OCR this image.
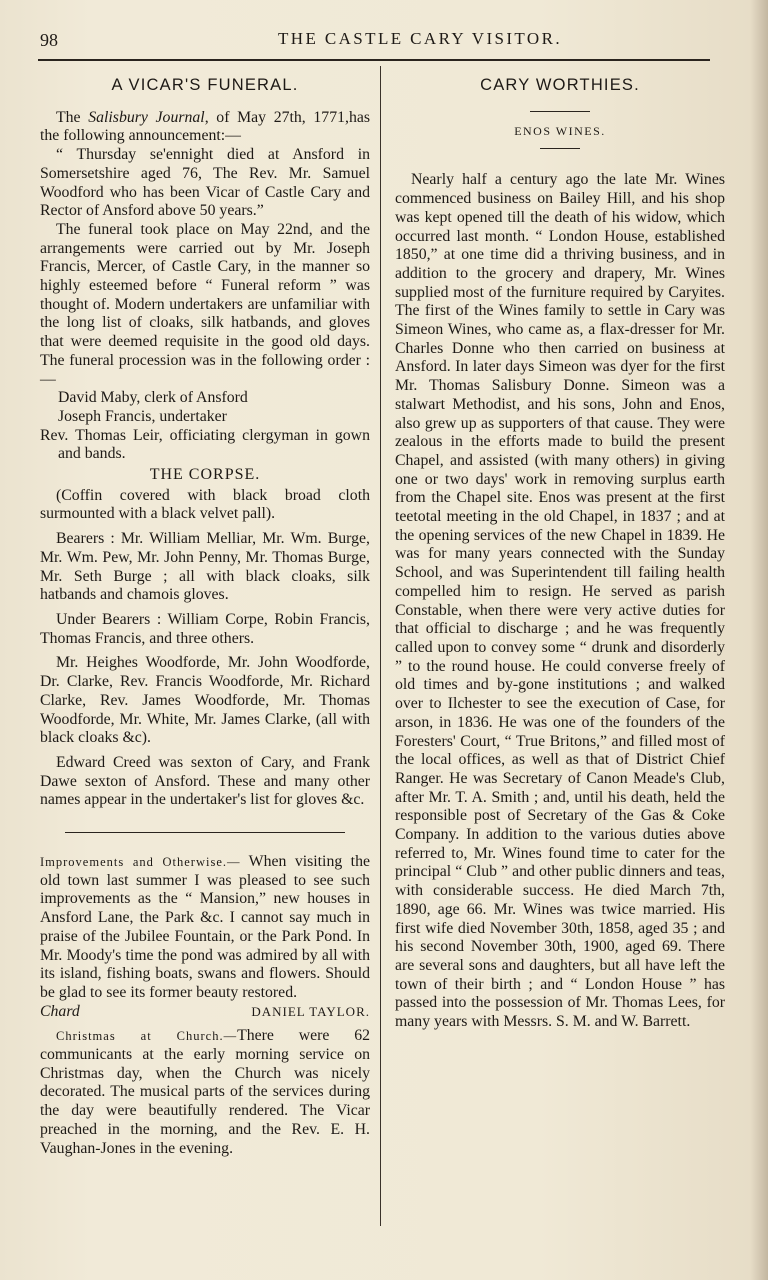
98	THE CASTLE CARY VISITOR.
A VICAR'S FUNERAL.

The Salisbury Journal, of May 27th, 1771,has the following announcement:—

“ Thursday se'ennight died at Ansford in Somersetshire aged 76, The Rev. Mr. Samuel Woodford who has been Vicar of Castle Cary and Rector of Ansford above 50 years.”

The funeral took place on May 22nd, and the arrangements were carried out by Mr. Joseph Francis, Mercer, of Castle Cary, in the manner so highly esteemed before “ Funeral reform ” was thought of. Modern undertakers are unfamiliar with the long list of cloaks, silk hatbands, and gloves that were deemed requisite in the good old days. The funeral procession was in the following order :—

David Maby, clerk of Ansford

Joseph Francis, undertaker

Rev. Thomas Leir, officiating clergyman in gown and bands.

THE CORPSE.

(Coffin covered with black broad cloth surmounted with a black velvet pall).

Bearers : Mr. William Melliar, Mr. Wm. Burge, Mr. Wm. Pew, Mr. John Penny, Mr. Thomas Burge, Mr. Seth Burge ; all with black cloaks, silk hatbands and chamois gloves.

Under Bearers : William Corpe, Robin Francis, Thomas Francis, and three others.

Mr. Heighes Woodforde, Mr. John Woodforde, Dr. Clarke, Rev. Francis Woodforde, Mr. Richard Clarke, Rev. James Woodforde, Mr. Thomas Woodforde, Mr. White, Mr. James Clarke, (all with black cloaks &c).

Edward Creed was sexton of Cary, and Frank Dawe sexton of Ansford. These and many other names appear in the undertaker's list for gloves &c.

Improvements and Otherwise.— When visiting the old town last summer I was pleased to see such improvements as the “ Mansion,” new houses in Ansford Lane, the Park &c. I cannot say much in praise of the Jubilee Fountain, or the Park Pond. In Mr. Moody's time the pond was admired by all with its island, fishing boats, swans and flowers. Should be glad to see its former beauty restored.

Chard	DANIEL TAYLOR.

Christmas at Church.—There were 62 communicants at the early morning service on Christmas day, when the Church was nicely decorated. The musical parts of the services during the day were beautifully rendered. The Vicar preached in the morning, and the Rev. E. H. Vaughan-Jones in the evening.

CARY WORTHIES.
ENOS WINES.

Nearly half a century ago the late Mr. Wines commenced business on Bailey Hill, and his shop was kept opened till the death of his widow, which occurred last month. “ London House, established 1850,” at one time did a thriving business, and in addition to the grocery and drapery, Mr. Wines supplied most of the furniture required by Caryites. The first of the Wines family to settle in Cary was Simeon Wines, who came as, a flax-dresser for Mr. Charles Donne who then carried on business at Ansford. In later days Simeon was dyer for the first Mr. Thomas Salisbury Donne. Simeon was a stalwart Methodist, and his sons, John and Enos, also grew up as supporters of that cause. They were zealous in the efforts made to build the present Chapel, and assisted (with many others) in giving one or two days' work in removing surplus earth from the Chapel site. Enos was present at the first teetotal meeting in the old Chapel, in 1837 ; and at the opening services of the new Chapel in 1839. He was for many years connected with the Sunday School, and was Superintendent till failing health compelled him to resign. He served as parish Constable, when there were very active duties for that official to discharge ; and he was frequently called upon to convey some “ drunk and disorderly ” to the round house. He could converse freely of old times and by-gone institutions ; and walked over to Ilchester to see the execution of Case, for arson, in 1836. He was one of the founders of the Foresters' Court, “ True Britons,” and filled most of the local offices, as well as that of District Chief Ranger. He was Secretary of Canon Meade's Club, after Mr. T. A. Smith ; and, until his death, held the responsible post of Secretary of the Gas & Coke Company. In addition to the various duties above referred to, Mr. Wines found time to cater for the principal “ Club ” and other public dinners and teas, with considerable success. He died March 7th, 1890, age 66. Mr. Wines was twice married. His first wife died November 30th, 1858, aged 35 ; and his second November 30th, 1900, aged 69. There are several sons and daughters, but all have left the town of their birth ; and “ London House ” has passed into the possession of Mr. Thomas Lees, for many years with Messrs. S. M. and W. Barrett.
